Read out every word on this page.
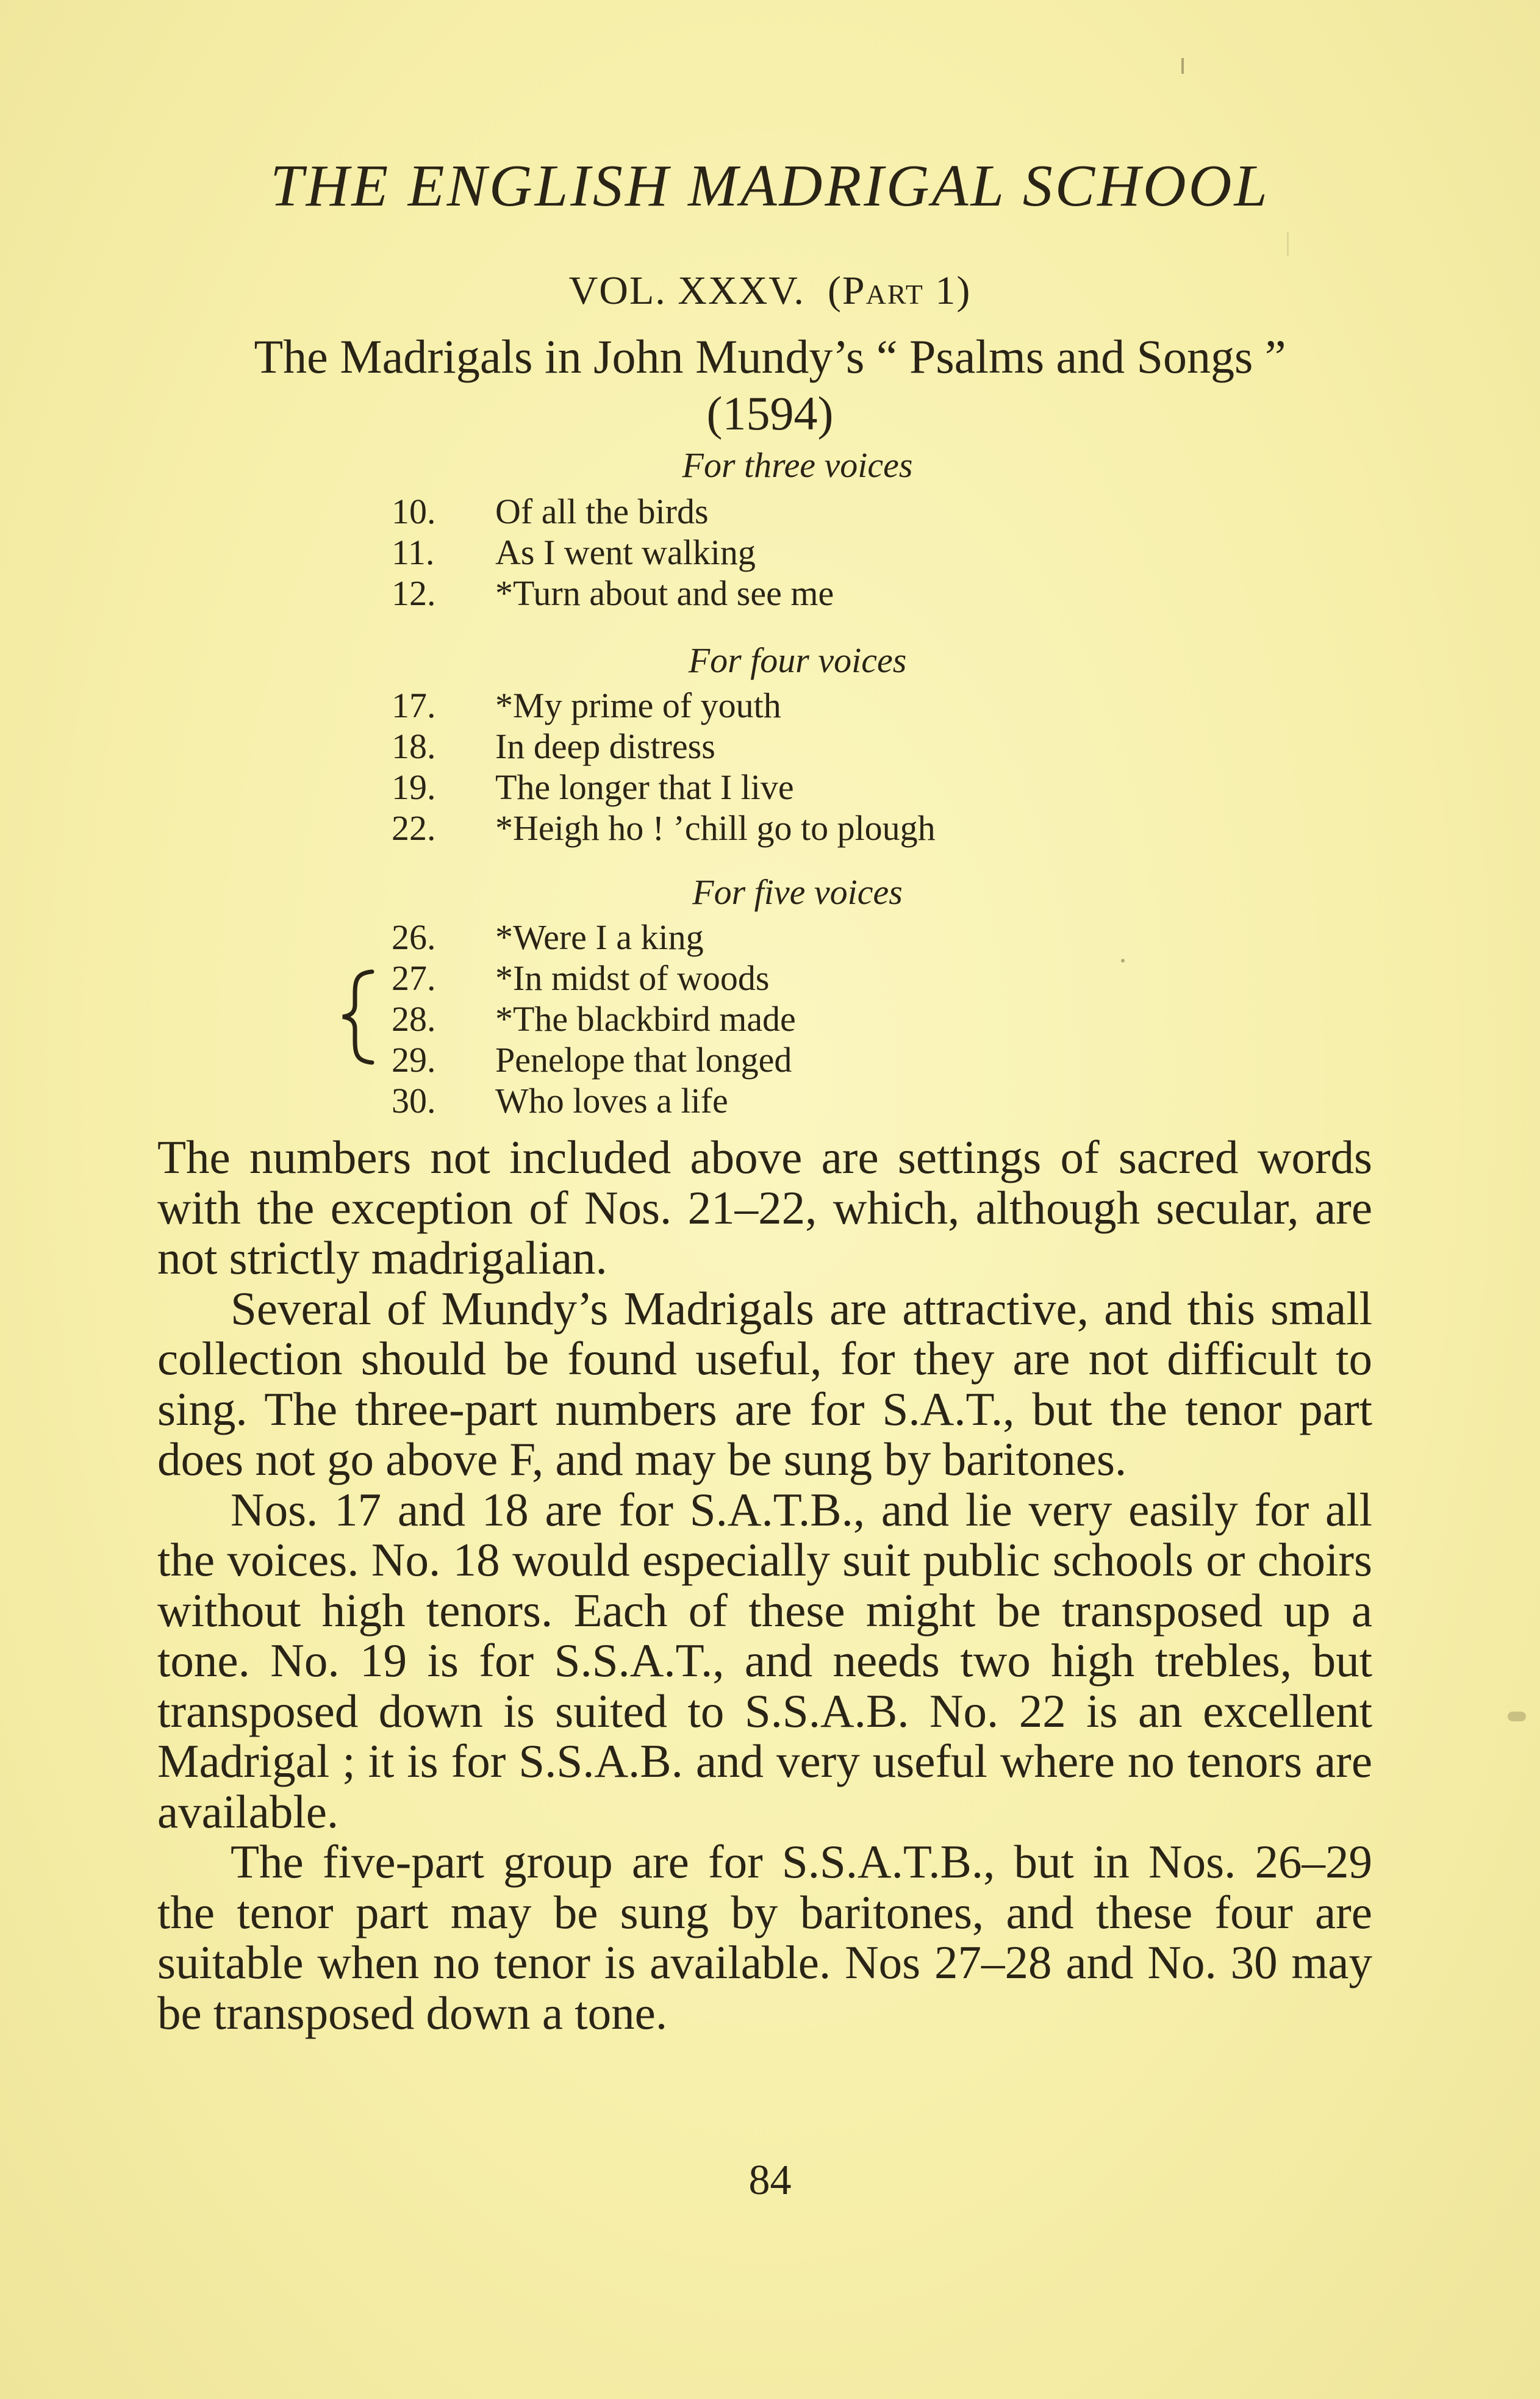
THE ENGLISH MADRIGAL SCHOOL
VOL. XXXV. (Part 1)
The Madrigals in John Mundy’s “ Psalms and Songs ”
(1594)
For three voices
10. Of all the birds
11. As I went walking
12. *Turn about and see me
For four voices
17. *My prime of youth
18. In deep distress
19. The longer that I live
22. *Heigh ho ! ’chill go to plough
For five voices
26. *Were I a king
27. *In midst of woods
28. *The blackbird made
29. Penelope that longed
30. Who loves a life

The numbers not included above are settings of sacred words with the exception of Nos. 21–22, which, although secular, are not strictly madrigalian.

Several of Mundy’s Madrigals are attractive, and this small collection should be found useful, for they are not difficult to sing. The three-part numbers are for S.A.T., but the tenor part does not go above F, and may be sung by baritones.

Nos. 17 and 18 are for S.A.T.B., and lie very easily for all the voices. No. 18 would especially suit public schools or choirs without high tenors. Each of these might be transposed up a tone. No. 19 is for S.S.A.T., and needs two high trebles, but transposed down is suited to S.S.A.B. No. 22 is an excellent Madrigal ; it is for S.S.A.B. and very useful where no tenors are available.

The five-part group are for S.S.A.T.B., but in Nos. 26–29 the tenor part may be sung by baritones, and these four are suitable when no tenor is available. Nos 27–28 and No. 30 may be transposed down a tone.

84
